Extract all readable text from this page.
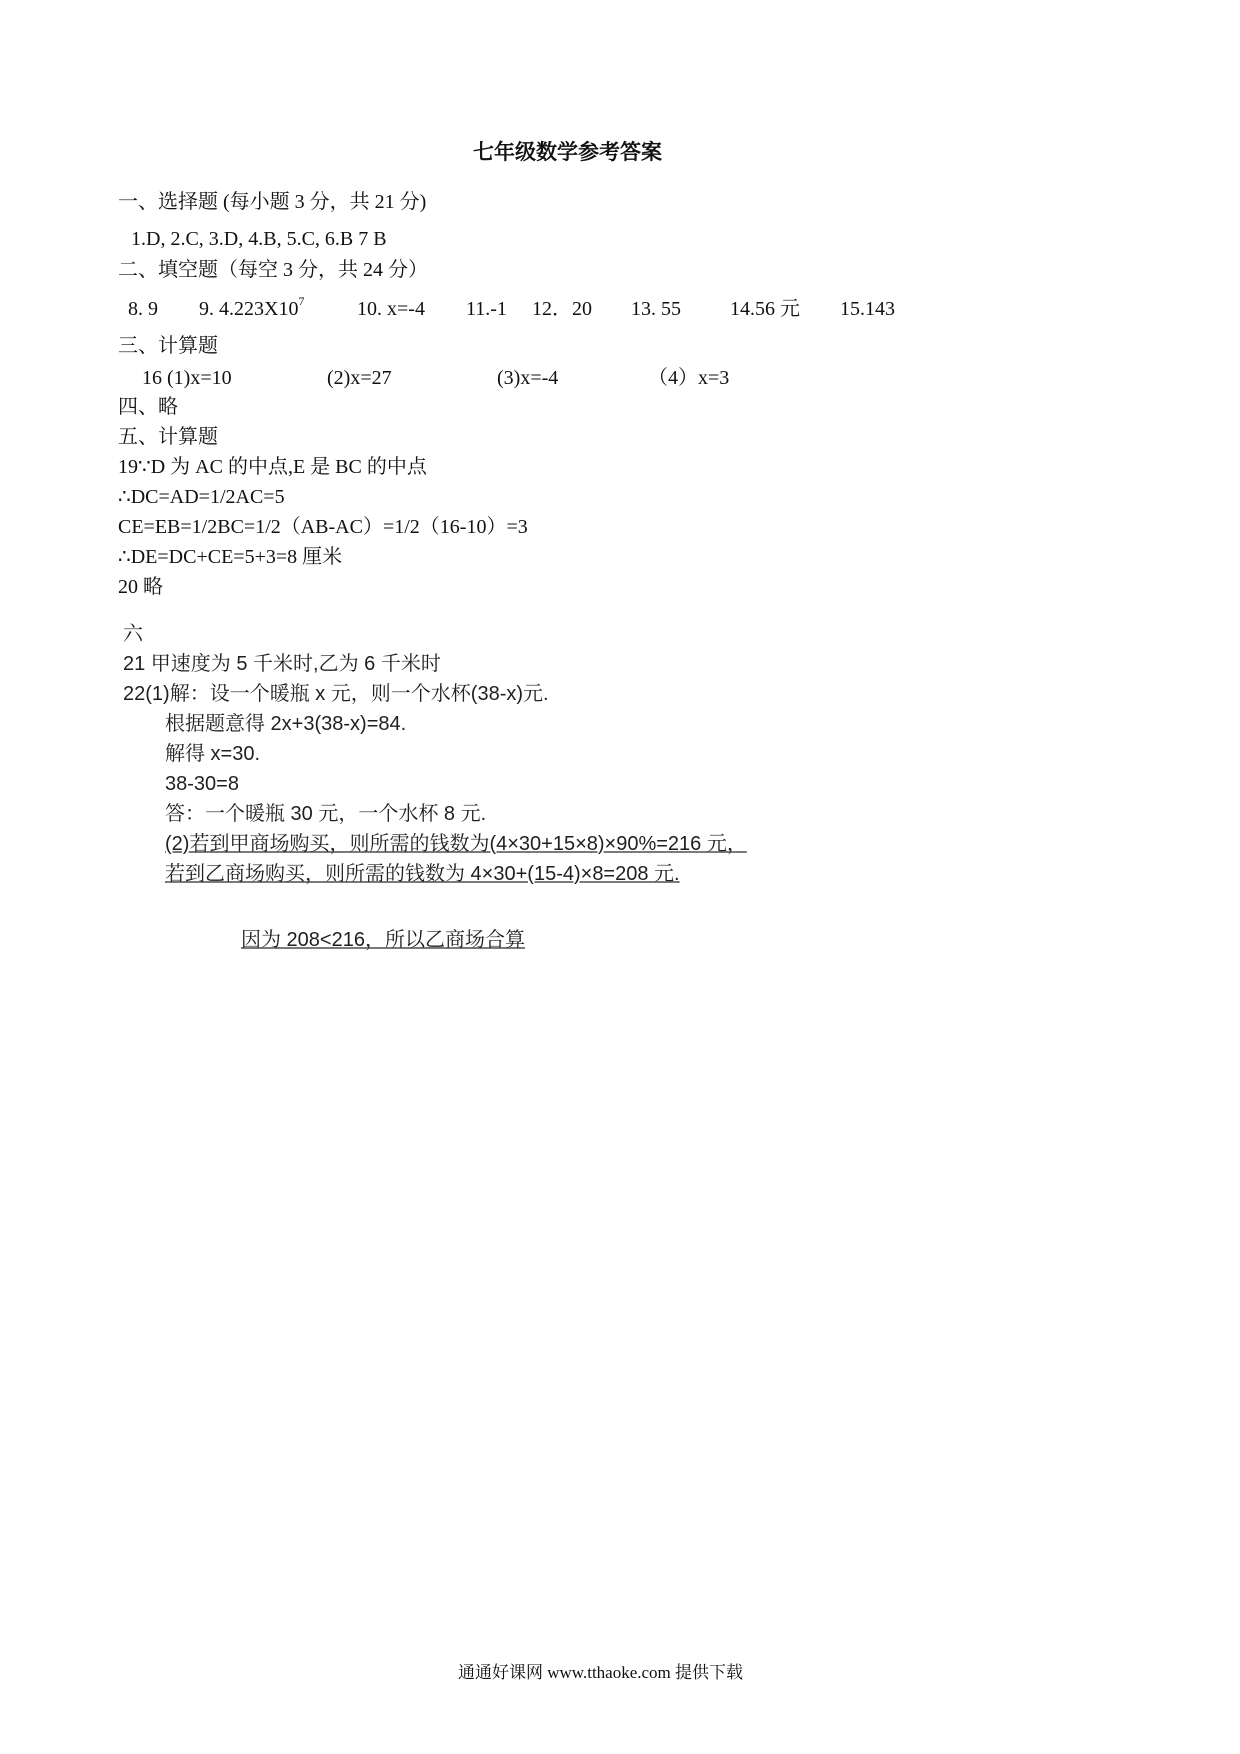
七年级数学参考答案
一、选择题 (每小题 3 分，共 21 分)
1.D, 2.C, 3.D, 4.B, 5.C, 6.B 7 B
二、填空题（每空 3 分，共 24 分）
8. 9 9. $4.223X10^7$	10. x=-4 11.-1 12．20 13. 55 14.56 元 15.143
三、计算题
16 (1)x=10	(2)x=27	(3)x=-4	（4）x=3
四、略
五、计算题
19∵D 为 AC 的中点,E 是 BC 的中点
∴DC=AD=1/2AC=5
CE=EB=1/2BC=1/2（AB-AC）=1/2（16-10）=3
∴DE=DC+CE=5+3=8 厘米
20 略
六
21 甲速度为 5 千米时,乙为 6 千米时
22(1)解：设一个暖瓶 x 元，则一个水杯(38-x)元.
根据题意得 2x+3(38-x)=84.
解得 x=30.
38-30=8
答：一个暖瓶 30 元，一个水杯 8 元.
(2)若到甲商场购买，则所需的钱数为(4×30+15×8)×90%=216 元，
若到乙商场购买，则所需的钱数为 4×30+(15-4)×8=208 元.
因为 208<216，所以乙商场合算
通通好课网 www.tthaoke.com 提供下载
